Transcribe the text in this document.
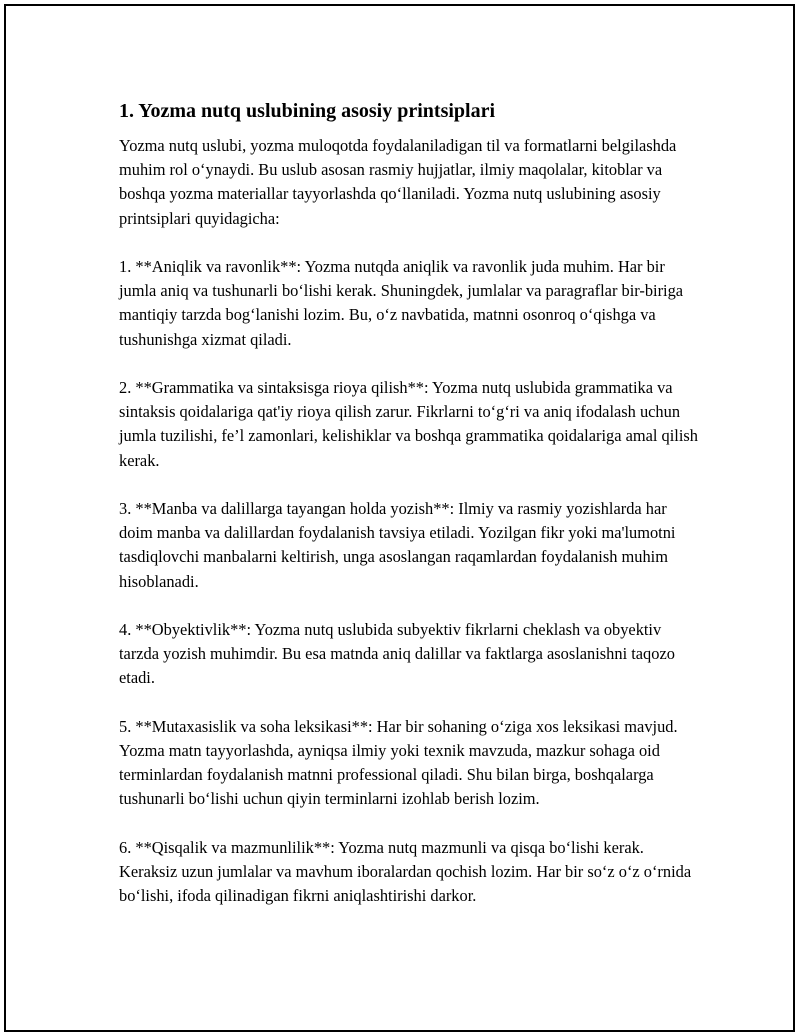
1. Yozma nutq uslubining asosiy printsiplari

Yozma nutq uslubi, yozma muloqotda foydalaniladigan til va formatlarni belgilashda muhim rol oʻynaydi. Bu uslub asosan rasmiy hujjatlar, ilmiy maqolalar, kitoblar va boshqa yozma materiallar tayyorlashda qoʻllaniladi. Yozma nutq uslubining asosiy printsiplari quyidagicha:

1. **Aniqlik va ravonlik**: Yozma nutqda aniqlik va ravonlik juda muhim. Har bir jumla aniq va tushunarli boʻlishi kerak. Shuningdek, jumlalar va paragraflar bir-biriga mantiqiy tarzda bogʻlanishi lozim. Bu, oʻz navbatida, matnni osonroq oʻqishga va tushunishga xizmat qiladi.

2. **Grammatika va sintaksisga rioya qilish**: Yozma nutq uslubida grammatika va sintaksis qoidalariga qat'iy rioya qilish zarur. Fikrlarni toʻgʻri va aniq ifodalash uchun jumla tuzilishi, fe’l zamonlari, kelishiklar va boshqa grammatika qoidalariga amal qilish kerak.

3. **Manba va dalillarga tayangan holda yozish**: Ilmiy va rasmiy yozishlarda har doim manba va dalillardan foydalanish tavsiya etiladi. Yozilgan fikr yoki ma'lumotni tasdiqlovchi manbalarni keltirish, unga asoslangan raqamlardan foydalanish muhim hisoblanadi.

4. **Obyektivlik**: Yozma nutq uslubida subyektiv fikrlarni cheklash va obyektiv tarzda yozish muhimdir. Bu esa matnda aniq dalillar va faktlarga asoslanishni taqozo etadi.

5. **Mutaxasislik va soha leksikasi**: Har bir sohaning oʻziga xos leksikasi mavjud. Yozma matn tayyorlashda, ayniqsa ilmiy yoki texnik mavzuda, mazkur sohaga oid terminlardan foydalanish matnni professional qiladi. Shu bilan birga, boshqalarga tushunarli boʻlishi uchun qiyin terminlarni izohlab berish lozim.

6. **Qisqalik va mazmunlilik**: Yozma nutq mazmunli va qisqa boʻlishi kerak. Keraksiz uzun jumlalar va mavhum iboralardan qochish lozim. Har bir soʻz oʻz oʻrnida boʻlishi, ifoda qilinadigan fikrni aniqlashtirishi darkor.
